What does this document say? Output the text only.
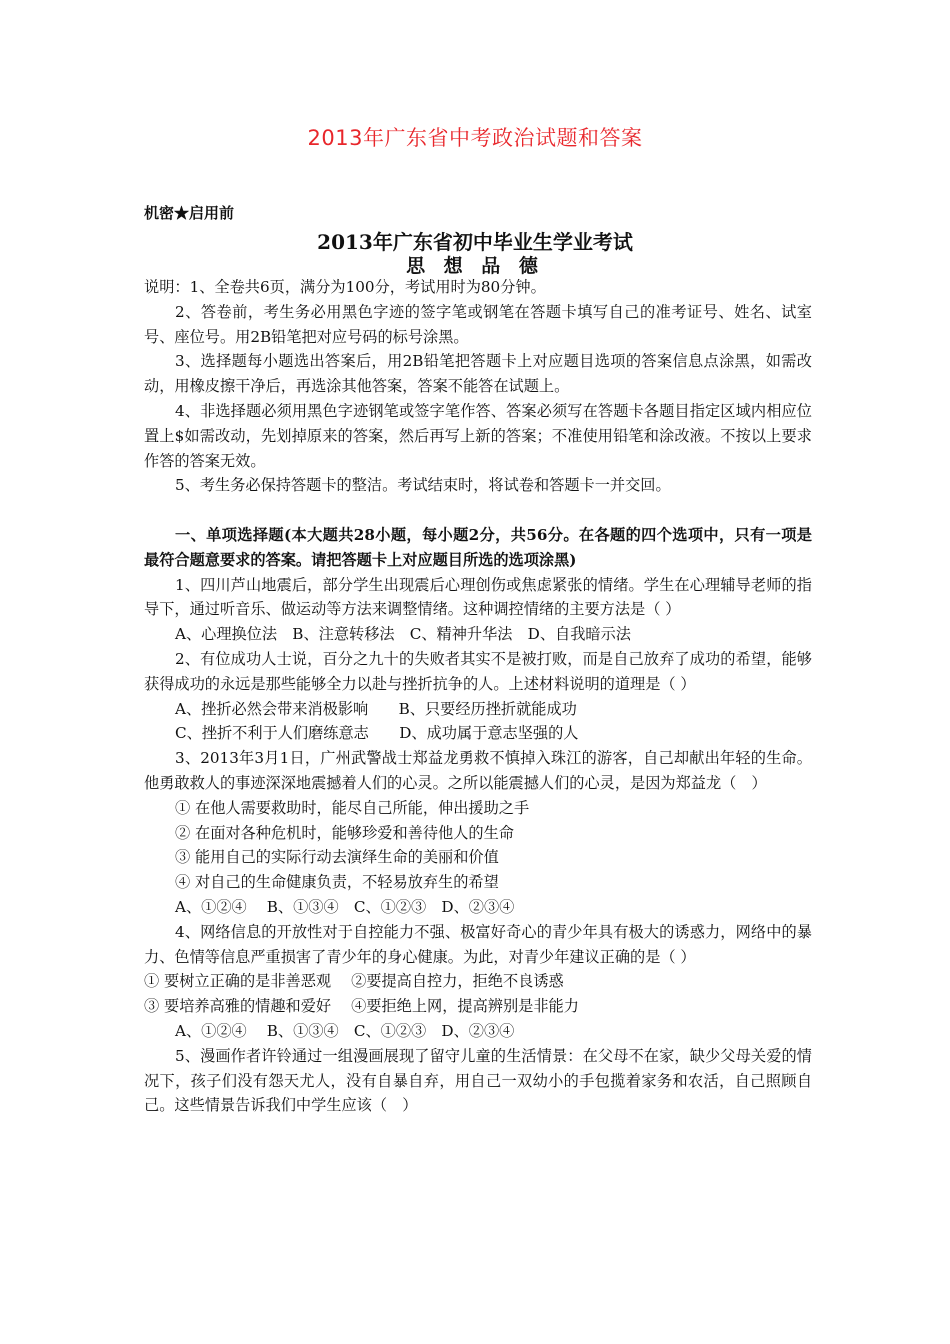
2013年广东省中考政治试题和答案
机密★启用前
2013年广东省初中毕业生学业考试
思 想 品 德

说明：1、全卷共6页，满分为100分，考试用时为80分钟。

2、答卷前，考生务必用黑色字迹的签字笔或钢笔在答题卡填写自己的准考证号、姓名、试室号、座位号。用2B铅笔把对应号码的标号涂黑。

3、选择题每小题选出答案后，用2B铅笔把答题卡上对应题目选项的答案信息点涂黑，如需改动，用橡皮擦干净后，再选涂其他答案，答案不能答在试题上。

4、非选择题必须用黑色字迹钢笔或签字笔作答、答案必须写在答题卡各题目指定区域内相应位置上$如需改动，先划掉原来的答案，然后再写上新的答案；不准使用铅笔和涂改液。不按以上要求作答的答案无效。

5、考生务必保持答题卡的整洁。考试结束时，将试卷和答题卡一并交回。

一、单项选择题(本大题共28小题，每小题2分，共56分。在各题的四个选项中，只有一项是最符合题意要求的答案。请把答题卡上对应题目所选的选项涂黑)

1、四川芦山地震后，部分学生出现震后心理创伤或焦虑紧张的情绪。学生在心理辅导老师的指导下，通过听音乐、做运动等方法来调整情绪。这种调控情绪的主要方法是（ ）

A、心理换位法　B、注意转移法　C、精神升华法　D、自我暗示法

2、有位成功人士说，百分之九十的失败者其实不是被打败，而是自己放弃了成功的希望，能够获得成功的永远是那些能够全力以赴与挫折抗争的人。上述材料说明的道理是（ ）

A、挫折必然会带来消极影响　　B、只要经历挫折就能成功

C、挫折不利于人们磨练意志　　D、成功属于意志坚强的人

3、2013年3月1日，广州武警战士郑益龙勇救不慎掉入珠江的游客，自己却献出年轻的生命。他勇敢救人的事迹深深地震撼着人们的心灵。之所以能震撼人们的心灵，是因为郑益龙（　）

① 在他人需要救助时，能尽自己所能，伸出援助之手

② 在面对各种危机时，能够珍爱和善待他人的生命

③ 能用自己的实际行动去演绎生命的美丽和价值

④ 对自己的生命健康负责，不轻易放弃生的希望

A、①②④　 B、①③④　C、①②③　D、②③④

4、网络信息的开放性对于自控能力不强、极富好奇心的青少年具有极大的诱惑力，网络中的暴力、色情等信息严重损害了青少年的身心健康。为此，对青少年建议正确的是（ ）

① 要树立正确的是非善恶观　 ②要提高自控力，拒绝不良诱惑

③ 要培养高雅的情趣和爱好　 ④要拒绝上网，提高辨别是非能力

A、①②④　 B、①③④　C、①②③　D、②③④

5、漫画作者许铃通过一组漫画展现了留守儿童的生活情景：在父母不在家，缺少父母关爱的情况下，孩子们没有怨天尤人，没有自暴自弃，用自己一双幼小的手包揽着家务和农活，自己照顾自己。这些情景告诉我们中学生应该（　）
